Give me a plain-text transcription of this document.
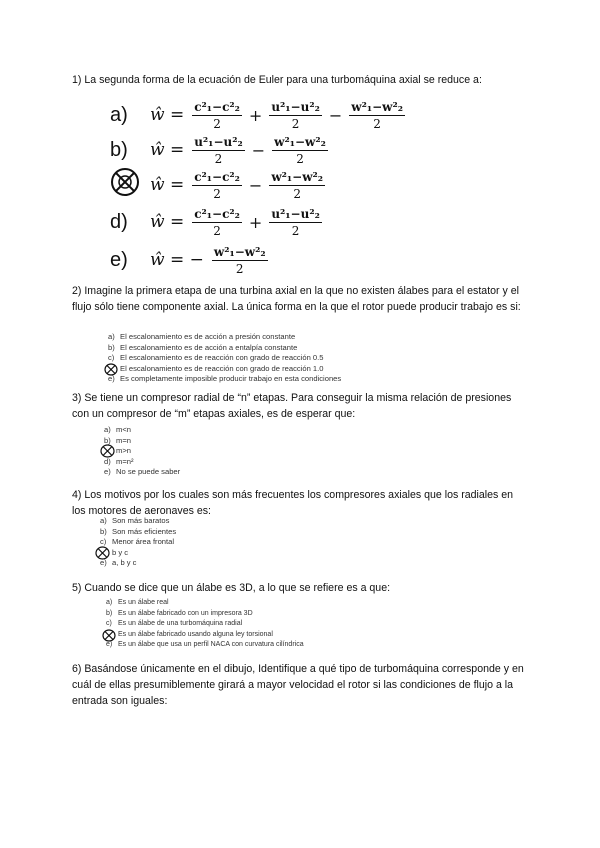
1) La segunda forma de la ecuación de Euler para una turbomáquina axial se reduce a:
a)	ŵ = $\frac{\text{c²₁−c²₂}}{2} + \frac{\text{u²₁−u²₂}}{2} - \frac{\text{w²₁−w²₂}}{2}$
b)	ŵ = $\frac{\text{u²₁−u²₂}}{2} - \frac{\text{w²₁−w²₂}}{2}$
ŵ = $\frac{\text{c²₁−c²₂}}{2} - \frac{\text{w²₁−w²₂}}{2}$
d)	ŵ = $\frac{\text{c²₁−c²₂}}{2} + \frac{\text{u²₁−u²₂}}{2}$
e)	ŵ = − $\frac{\text{w²₁−w²₂}}{2}$
2) Imagine la primera etapa de una turbina axial en la que no existen álabes para el estator y el flujo sólo tiene componente axial. La única forma en la que el rotor puede producir trabajo es si:
a) El escalonamiento es de acción a presión constante
b) El escalonamiento es de acción a entalpía constante
c) El escalonamiento es de reacción con grado de reacción 0.5
El escalonamiento es de reacción con grado de reacción 1.0
e) Es completamente imposible producir trabajo en esta condiciones
3) Se tiene un compresor radial de “n” etapas. Para conseguir la misma relación de presiones con un compresor de “m” etapas axiales, es de esperar que:
a) m<n
b) m=n
m>n
d) m=n²
e) No se puede saber
4) Los motivos por los cuales son más frecuentes los compresores axiales que los radiales en los motores de aeronaves es:
a) Son más baratos
b) Son más eficientes
c) Menor área frontal
b y c
e) a, b y c
5) Cuando se dice que un álabe es 3D, a lo que se refiere es a que:
a) Es un álabe real
b) Es un álabe fabricado con un impresora 3D
c) Es un álabe de una turbomáquina radial
Es un álabe fabricado usando alguna ley torsional
e) Es un álabe que usa un perfil NACA con curvatura cilíndrica
6) Basándose únicamente en el dibujo, Identifique a qué tipo de turbomáquina corresponde y en cuál de ellas presumiblemente girará a mayor velocidad el rotor si las condiciones de flujo a la entrada son iguales:
